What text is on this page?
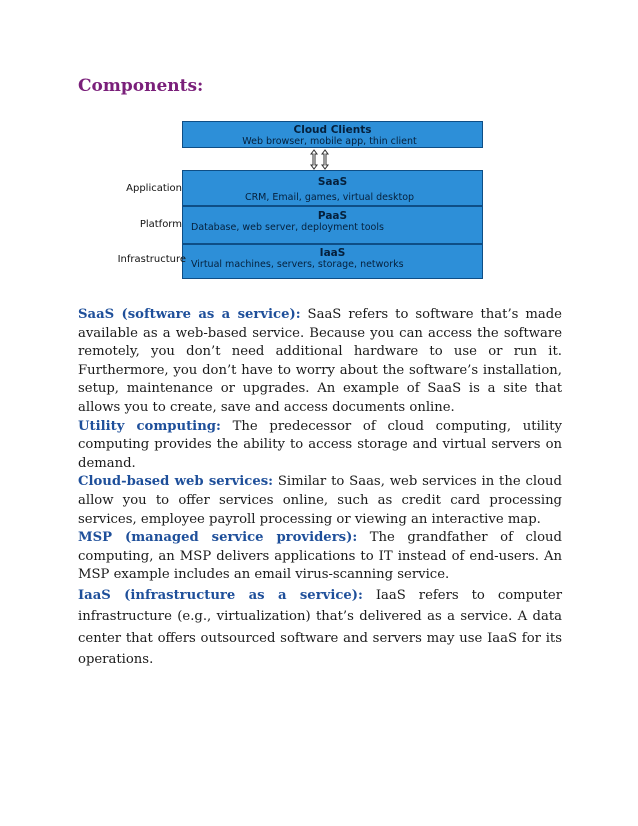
Components:
Cloud Clients
Web browser, mobile app, thin client
SaaS
CRM, Email, games, virtual desktop
PaaS
Database, web server, deployment tools
IaaS
Virtual machines, servers, storage, networks
Application
Platform
Infrastructure

SaaS (software as a service): SaaS refers to software that’s made available as a web-based service. Because you can access the software remotely, you don’t need additional hardware to use or run it. Furthermore, you don’t have to worry about the software’s installation, setup, maintenance or upgrades. An example of SaaS is a site that allows you to create, save and access documents online.

Utility computing: The predecessor of cloud computing, utility computing provides the ability to access storage and virtual servers on demand.

Cloud-based web services: Similar to Saas, web services in the cloud allow you to offer services online, such as credit card processing services, employee payroll processing or viewing an interactive map.

MSP (managed service providers): The grandfather of cloud computing, an MSP delivers applications to IT instead of end-users. An MSP example includes an email virus-scanning service.

IaaS (infrastructure as a service): IaaS refers to computer infrastructure (e.g., virtualization) that’s delivered as a service. A data center that offers outsourced software and servers may use IaaS for its operations.
